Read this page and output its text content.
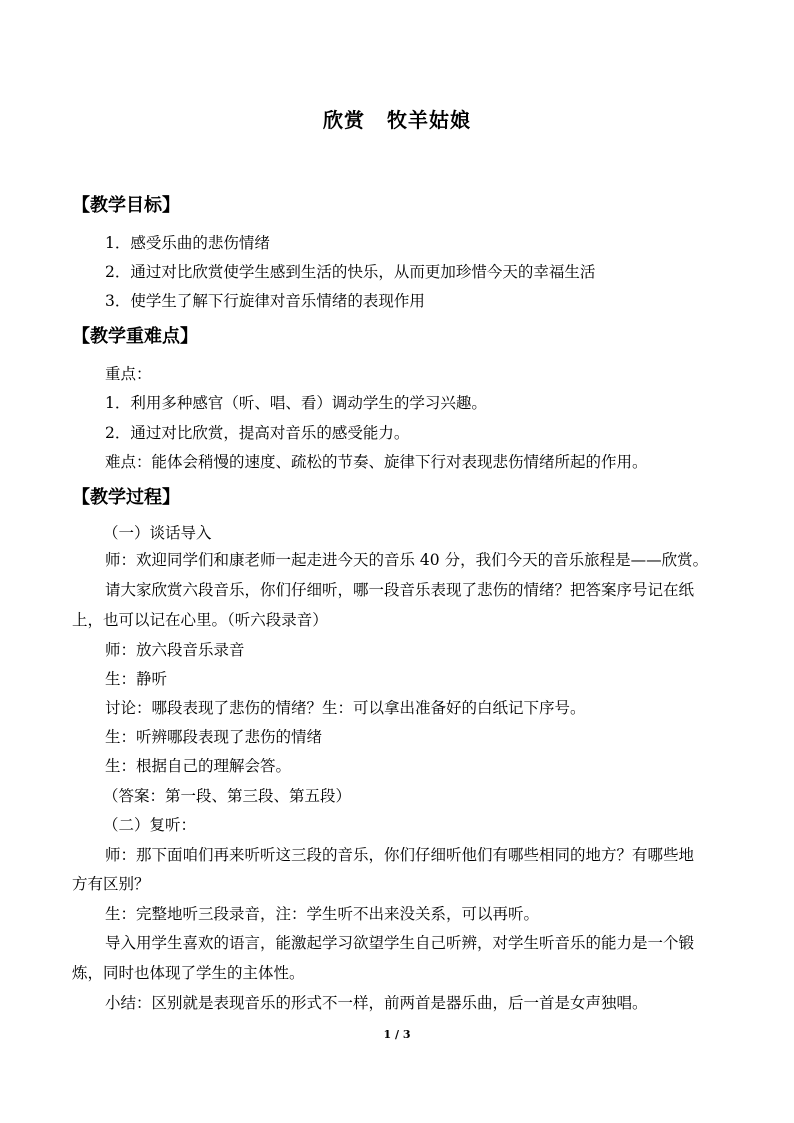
欣赏 牧羊姑娘
【教学目标】
1．感受乐曲的悲伤情绪
2．通过对比欣赏使学生感到生活的快乐，从而更加珍惜今天的幸福生活
3．使学生了解下行旋律对音乐情绪的表现作用
【教学重难点】
重点：
1．利用多种感官（听、唱、看）调动学生的学习兴趣。
2．通过对比欣赏，提高对音乐的感受能力。
难点：能体会稍慢的速度、疏松的节奏、旋律下行对表现悲伤情绪所起的作用。
【教学过程】
（一）谈话导入
师：欢迎同学们和康老师一起走进今天的音乐 40 分，我们今天的音乐旅程是——欣赏。
请大家欣赏六段音乐，你们仔细听，哪一段音乐表现了悲伤的情绪？把答案序号记在纸
上，也可以记在心里。（听六段录音）
师：放六段音乐录音
生：静听
讨论：哪段表现了悲伤的情绪？生：可以拿出准备好的白纸记下序号。
生：听辨哪段表现了悲伤的情绪
生：根据自己的理解会答。
（答案：第一段、第三段、第五段）
（二）复听：
师：那下面咱们再来听听这三段的音乐，你们仔细听他们有哪些相同的地方？有哪些地
方有区别？
生：完整地听三段录音，注：学生听不出来没关系，可以再听。
导入用学生喜欢的语言，能激起学习欲望学生自己听辨，对学生听音乐的能力是一个锻
炼，同时也体现了学生的主体性。
小结：区别就是表现音乐的形式不一样，前两首是器乐曲，后一首是女声独唱。
1 / 3
